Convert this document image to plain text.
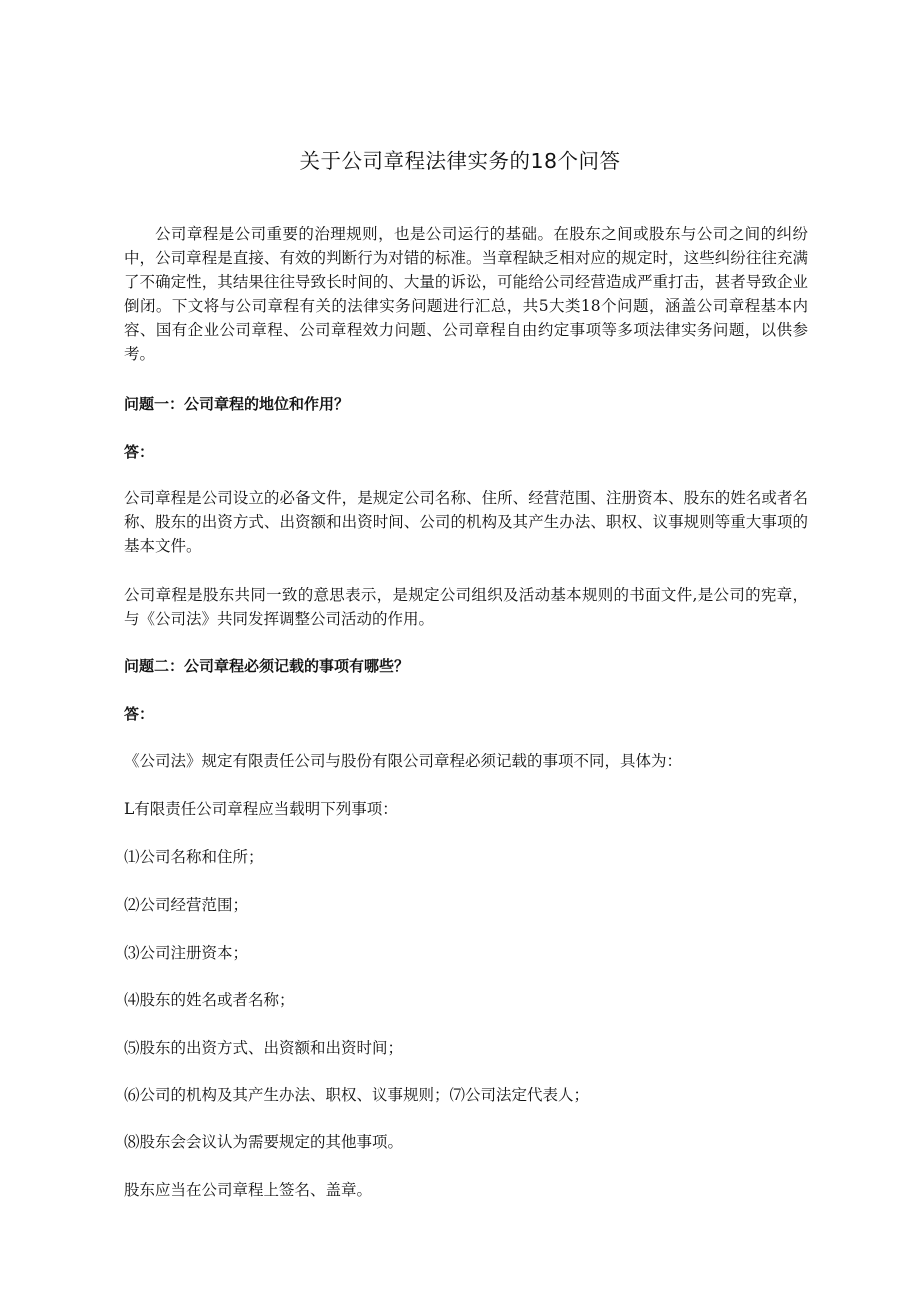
关于公司章程法律实务的18个问答

公司章程是公司重要的治理规则，也是公司运行的基础。在股东之间或股东与公司之间的纠纷中，公司章程是直接、有效的判断行为对错的标准。当章程缺乏相对应的规定时，这些纠纷往往充满了不确定性，其结果往往导致长时间的、大量的诉讼，可能给公司经营造成严重打击，甚者导致企业倒闭。下文将与公司章程有关的法律实务问题进行汇总，共5大类18个问题，涵盖公司章程基本内容、国有企业公司章程、公司章程效力问题、公司章程自由约定事项等多项法律实务问题，以供参考。

问题一：公司章程的地位和作用？

答：

公司章程是公司设立的必备文件，是规定公司名称、住所、经营范围、注册资本、股东的姓名或者名称、股东的出资方式、出资额和出资时间、公司的机构及其产生办法、职权、议事规则等重大事项的基本文件。

公司章程是股东共同一致的意思表示，是规定公司组织及活动基本规则的书面文件,是公司的宪章，与《公司法》共同发挥调整公司活动的作用。

问题二：公司章程必须记载的事项有哪些？

答：

《公司法》规定有限责任公司与股份有限公司章程必须记载的事项不同，具体为：

L有限责任公司章程应当载明下列事项：

⑴公司名称和住所；

⑵公司经营范围；

⑶公司注册资本；

⑷股东的姓名或者名称；

⑸股东的出资方式、出资额和出资时间；

⑹公司的机构及其产生办法、职权、议事规则；⑺公司法定代表人；

⑻股东会会议认为需要规定的其他事项。

股东应当在公司章程上签名、盖章。
